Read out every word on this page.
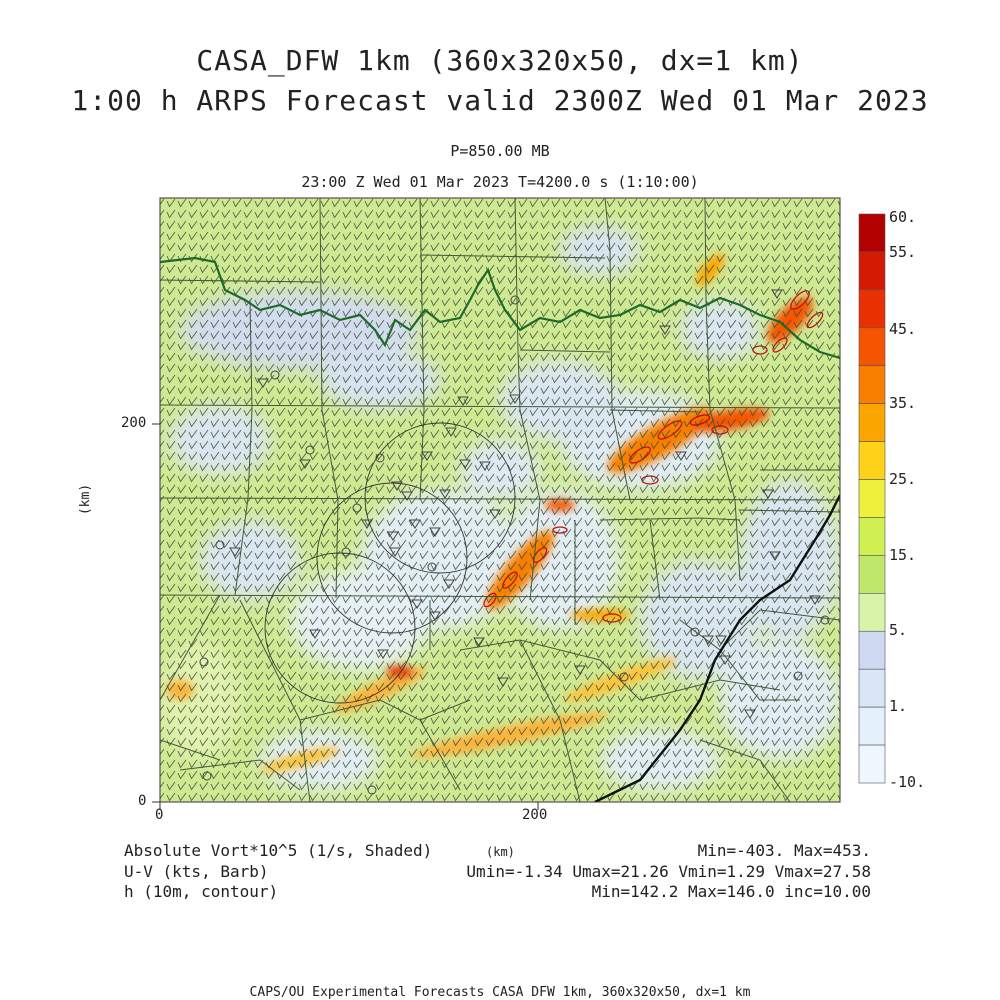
CASA_DFW 1km (360x320x50, dx=1 km)
1:00 h ARPS Forecast valid 2300Z Wed 01 Mar 2023
P=850.00 MB
23:00 Z Wed 01 Mar 2023 T=4200.0 s (1:10:00)
0	200
0
200
(km)
60.
55.
45.
35.
25.
15.
5.
1.
-10.
Absolute Vort*10^5 (1/s, Shaded)
U-V (kts, Barb)
h (10m, contour)
(km)	Min=-403. Max=453.
Umin=-1.34 Umax=21.26 Vmin=1.29 Vmax=27.58
Min=142.2 Max=146.0 inc=10.00
CAPS/OU Experimental Forecasts CASA DFW 1km, 360x320x50, dx=1 km
